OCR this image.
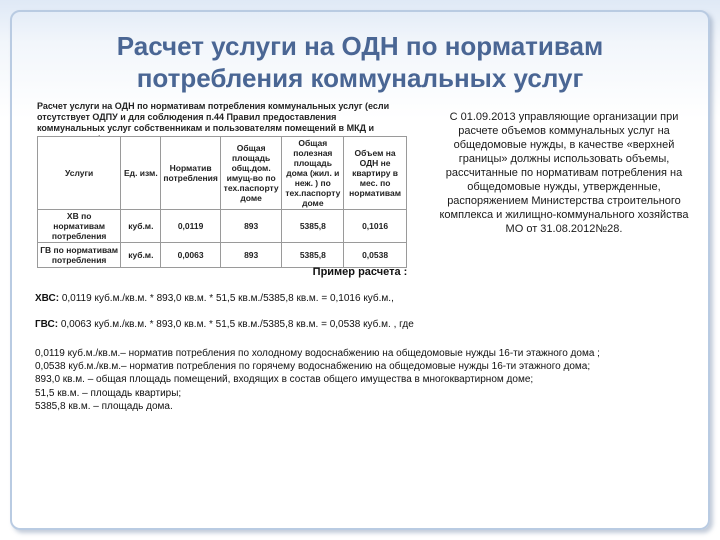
Расчет услуги на ОДН по нормативам
потребления коммунальных услуг
Расчет услуги на ОДН по нормативам потребления коммунальных услуг (если отсутствует ОДПУ и для соблюдения п.44 Правил предоставления коммунальных услуг собственникам и пользователям помещений в МКД и
Услуги	Ед. изм.	Норматив потребления	Общая площадь общ.дом. имущ-во по тех.паспорту доме	Общая полезная площадь дома (жил. и неж. ) по тех.паспорту доме	Объем на ОДН не квартиру в мес. по нормативам
ХВ по нормативам потребления	куб.м.	0,0119	893	5385,8	0,1016
ГВ по нормативам потребления	куб.м.	0,0063	893	5385,8	0,0538
С 01.09.2013 управляющие организации при расчете объемов коммунальных услуг на общедомовые нужды, в качестве «верхней границы» должны использовать объемы, рассчитанные по нормативам потребления на общедомовые нужды, утвержденные, распоряжением Министерства строительного комплекса и жилищно-коммунального хозяйства МО от 31.08.2012№28.
Пример расчета :
ХВС: 0,0119 куб.м./кв.м. * 893,0 кв.м. * 51,5 кв.м./5385,8 кв.м. = 0,1016 куб.м.,
ГВС: 0,0063 куб.м./кв.м. * 893,0 кв.м. * 51,5 кв.м./5385,8 кв.м. = 0,0538 куб.м. , где
0,0119 куб.м./кв.м.– норматив потребления по холодному водоснабжению на общедомовые нужды 16-ти этажного дома ;
0,0538 куб.м./кв.м.– норматив потребления по горячему водоснабжению на общедомовые нужды 16-ти этажного дома;
893,0 кв.м. – общая площадь помещений, входящих в состав общего имущества в многоквартирном доме;
51,5 кв.м. – площадь квартиры;
5385,8 кв.м. – площадь дома.
